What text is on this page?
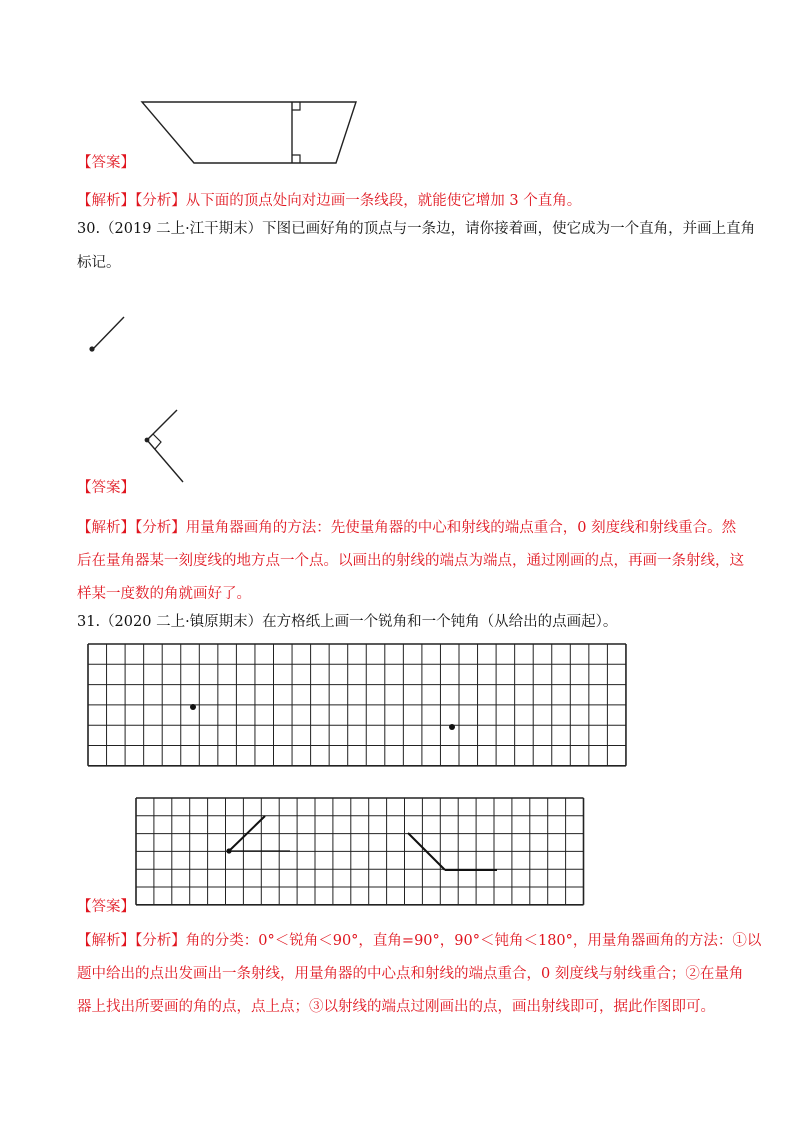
【答案】
【解析】【分析】从下面的顶点处向对边画一条线段，就能使它增加 3 个直角。
30.（2019 二上·江干期末）下图已画好角的顶点与一条边，请你接着画，使它成为一个直角，并画上直角
标记。
【答案】
【解析】【分析】用量角器画角的方法：先使量角器的中心和射线的端点重合，0 刻度线和射线重合。然
后在量角器某一刻度线的地方点一个点。以画出的射线的端点为端点，通过刚画的点，再画一条射线，这
样某一度数的角就画好了。
31.（2020 二上·镇原期末）在方格纸上画一个锐角和一个钝角（从给出的点画起）。
【答案】
【解析】【分析】角的分类：0°＜锐角＜90°，直角=90°，90°＜钝角＜180°，用量角器画角的方法：①以
题中给出的点出发画出一条射线，用量角器的中心点和射线的端点重合，0 刻度线与射线重合；②在量角
器上找出所要画的角的点，点上点；③以射线的端点过刚画出的点，画出射线即可，据此作图即可。
